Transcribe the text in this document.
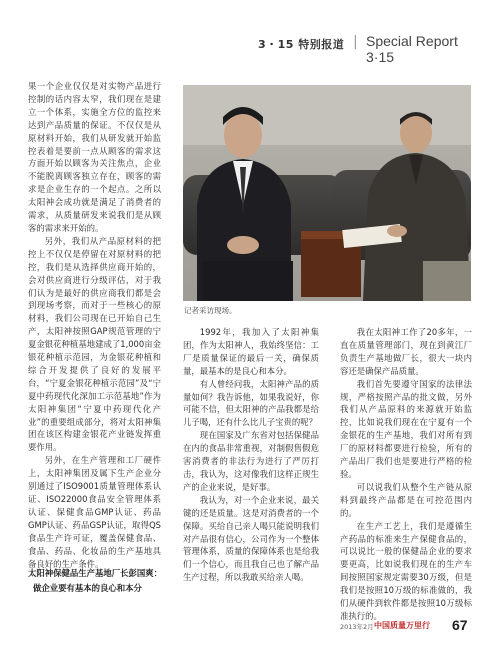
3・15 特别报道 | Special Report 3·15

果一个企业仅仅是对实物产品进行控制的话内容太窄，我们现在是建立一个体系，实施全方位的监控来达到产品质量的保证。不仅仅是从原材料开始，我们从研发就开始监控表着是要前一点从顾客的需求这方面开始以顾客为关注焦点，企业不能脱离顾客独立存在，顾客的需求是企业生存的一个起点。之所以太阳神会成功就是满足了消费者的需求，从质量研发来说我们是从顾客的需求来开始的。

另外，我们从产品原材料的把控上不仅仅是停留在对原材料的把控，我们是从选择供应商开始的，会对供应商进行分级评估，对于我们认为是最好的供应商我们都是会到现场考察，而对于一些核心的原材料，我们公司现在已开始自己生产，太阳神按照GAP规范管理的宁夏金银花种植基地建成了1,000亩金银花种植示范园，为金银花种植和综合开发提供了良好的发展平台，“宁夏金银花种植示范园”及“宁夏中药现代化深加工示范基地”作为太阳神集团“宁夏中药现代化产业”的重要组成部分，将对太阳神集团在该区构建金银花产业链发挥重要作用。

另外，在生产管理和工厂硬件上，太阳神集团及属下生产企业分别通过了ISO9001质量管理体系认证、ISO22000食品安全管理体系认证、保健食品GMP认证、药品GMP认证、药品GSP认证，取得QS食品生产许可证，覆盖保健食品、食品、药品、化妆品的生产基地具备良好的生产条件。

太阳神保健品生产基地厂长彭国爽：
做企业要有基本的良心和本分
记者采访现场。

1992年，我加入了太阳神集团，作为太阳神人，我始终坚信：工厂是质量保证的最后一关，确保质量，最基本的是良心和本分。

有人曾经问我，太阳神产品的质量如何？我告诉他，如果我说好，你可能不信，但太阳神的产品我都是给儿子喝，还有什么比儿子宝贵的呢？

现在国家及广东省对包括保健品在内的食品非常重视，对制假售假危害消费者的非法行为进行了严厉打击，我认为，这对像我们这样正规生产的企业来说，是好事。

我认为，对一个企业来说，最关键的还是质量。这是对消费者的一个保障。买给自己亲人喝只能说明我们对产品很有信心，公司作为一个整体管理体系，质量的保障体系也是给我们一个信心，而且我自己也了解产品生产过程，所以我敢买给亲人喝。

我在太阳神工作了20多年，一直在质量管理部门，现在到黄江厂负责生产基地做厂长，很大一块内容还是确保产品质量。

我们首先要遵守国家的法律法规，严格按照产品的批文做，另外我们从产品原料的来源就开始监控，比如说我们现在在宁夏有一个金银花的生产基地，我们对所有到厂的原材料都要进行检验，所有的产品出厂我们也是要进行严格的检验。

可以说我们从整个生产链从原料到最终产品都是在可控范围内的。

在生产工艺上，我们是遵循生产药品的标准来生产保健食品的，可以说比一般的保健品企业的要求要更高，比如说我们现在的生产车间按照国家规定需要30万级，但是我们是按照10万级的标准做的，我们从硬件到软件都是按照10万级标准执行的。

2013年2月 中国质量万里行 67
